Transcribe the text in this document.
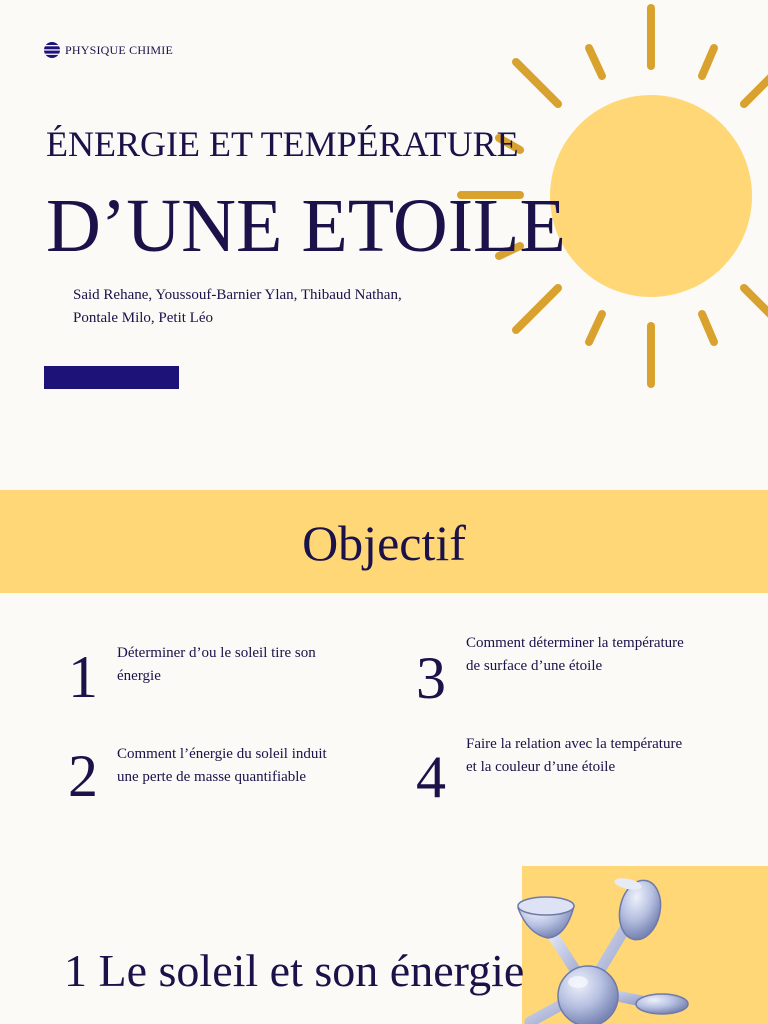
PHYSIQUE CHIMIE
ÉNERGIE ET TEMPÉRATURE
D’UNE ETOILE
Said Rehane, Youssouf-Barnier Ylan, Thibaud Nathan,
Pontale Milo, Petit Léo
Objectif
1 Déterminer d’ou le soleil tire son
énergie
2 Comment l’énergie du soleil induit
une perte de masse quantifiable
3
Comment déterminer la température
de surface d’une étoile
4 Faire la relation avec la température
et la couleur d’une étoile
1 Le soleil et son énergie
